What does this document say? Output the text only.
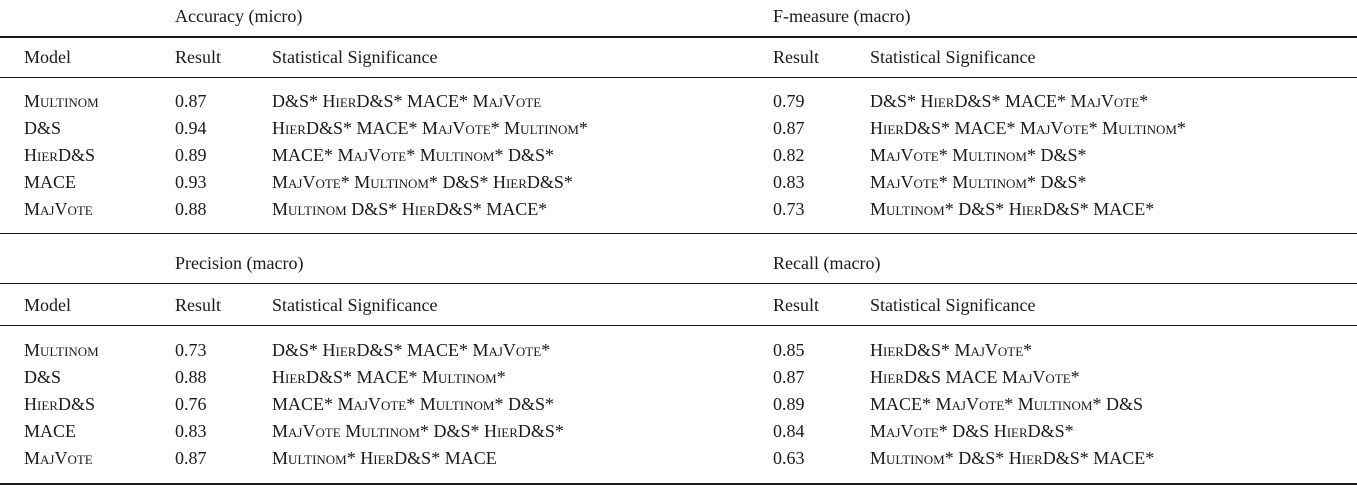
Accuracy (micro)	F-measure (macro)
Model	Result	Statistical Significance	Result	Statistical Significance
Multinom	0.87	D&S* HierD&S* MACE* MajVote	0.79	D&S* HierD&S* MACE* MajVote*
D&S	0.94	HierD&S* MACE* MajVote* Multinom*	0.87	HierD&S* MACE* MajVote* Multinom*
HierD&S	0.89	MACE* MajVote* Multinom* D&S*	0.82	MajVote* Multinom* D&S*
MACE	0.93	MajVote* Multinom* D&S* HierD&S*	0.83	MajVote* Multinom* D&S*
MajVote	0.88	Multinom D&S* HierD&S* MACE*	0.73	Multinom* D&S* HierD&S* MACE*
Precision (macro)	Recall (macro)
Model	Result	Statistical Significance	Result	Statistical Significance
Multinom	0.73	D&S* HierD&S* MACE* MajVote*	0.85	HierD&S* MajVote*
D&S	0.88	HierD&S* MACE* Multinom*	0.87	HierD&S MACE MajVote*
HierD&S	0.76	MACE* MajVote* Multinom* D&S*	0.89	MACE* MajVote* Multinom* D&S
MACE	0.83	MajVote Multinom* D&S* HierD&S*	0.84	MajVote* D&S HierD&S*
MajVote	0.87	Multinom* HierD&S* MACE	0.63	Multinom* D&S* HierD&S* MACE*
